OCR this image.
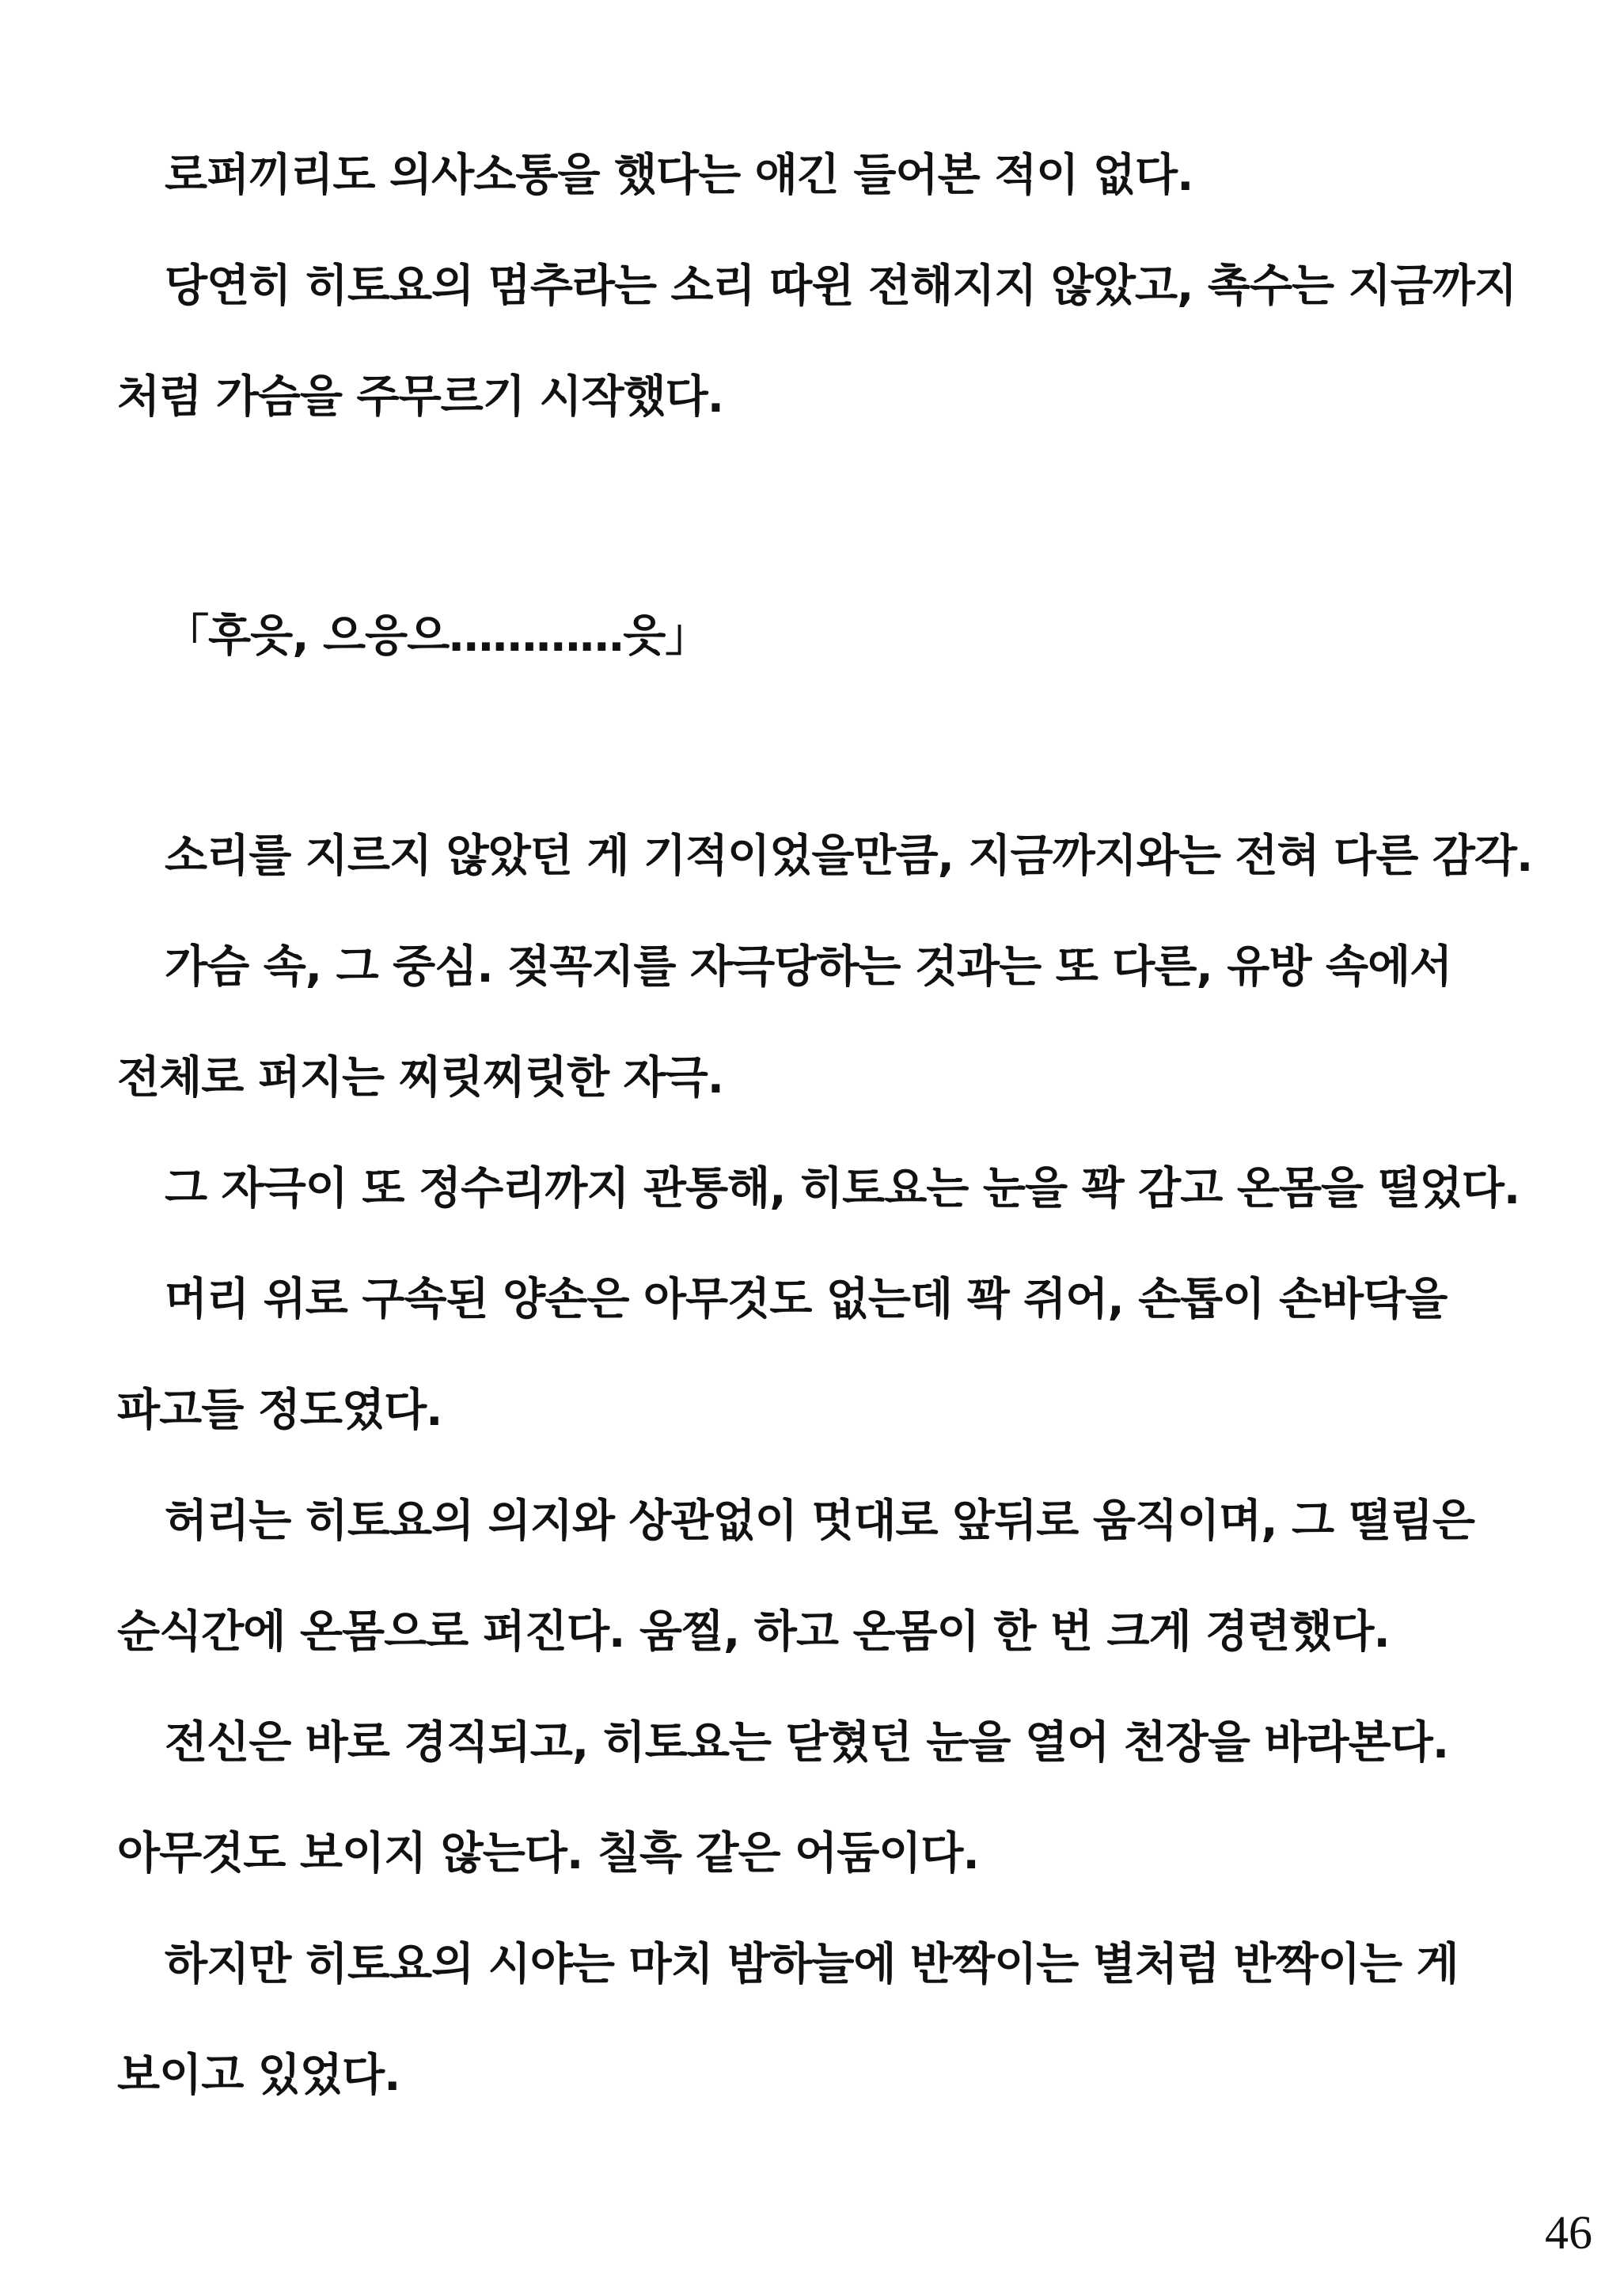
로퍼끼리도 의사소통을 했다는 얘긴 들어본 적이 없다.
당연히 히토요의 멈추라는 소리 따윈 전해지지 않았고, 촉수는 지금까지
처럼 가슴을 주무르기 시작했다.
「후읏, 으응으…………읏」
소리를 지르지 않았던 게 기적이었을만큼, 지금까지와는 전혀 다른 감각.
가슴 속, 그 중심. 젖꼭지를 자극당하는 것과는 또 다른, 유방 속에서
전체로 퍼지는 찌릿찌릿한 자극.
그 자극이 또 정수리까지 관통해, 히토요는 눈을 꽉 감고 온몸을 떨었다.
머리 위로 구속된 양손은 아무것도 없는데 꽉 쥐어, 손톱이 손바닥을
파고들 정도였다.
허리는 히토요의 의지와 상관없이 멋대로 앞뒤로 움직이며, 그 떨림은
순식간에 온몸으로 퍼진다. 움찔, 하고 온몸이 한 번 크게 경련했다.
전신은 바로 경직되고, 히토요는 닫혔던 눈을 열어 천장을 바라본다.
아무것도 보이지 않는다. 칠흑 같은 어둠이다.
하지만 히토요의 시야는 마치 밤하늘에 반짝이는 별처럼 반짝이는 게
보이고 있었다.
46
